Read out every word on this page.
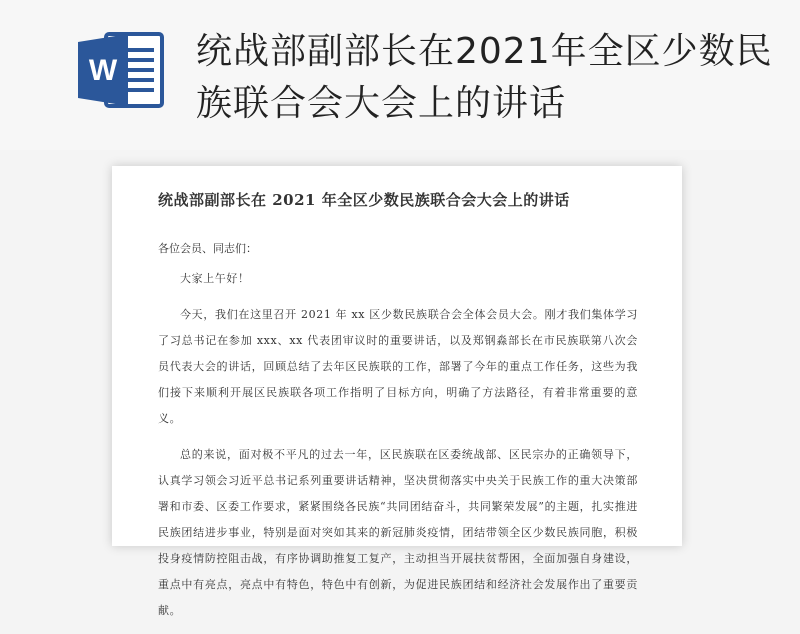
W 统战部副部长在2021年全区少数民族联合会大会上的讲话
统战部副部长在 2021 年全区少数民族联合会大会上的讲话
各位会员、同志们：

大家上午好！

今天，我们在这里召开 2021 年 xx 区少数民族联合会全体会员大会。刚才我们集体学习了习总书记在参加 xxx、xx 代表团审议时的重要讲话，以及郑钢淼部长在市民族联第八次会员代表大会的讲话，回顾总结了去年区民族联的工作，部署了今年的重点工作任务，这些为我们接下来顺利开展区民族联各项工作指明了目标方向，明确了方法路径，有着非常重要的意义。

总的来说，面对极不平凡的过去一年，区民族联在区委统战部、区民宗办的正确领导下，认真学习领会习近平总书记系列重要讲话精神，坚决贯彻落实中央关于民族工作的重大决策部署和市委、区委工作要求，紧紧围绕各民族“共同团结奋斗，共同繁荣发展”的主题，扎实推进民族团结进步事业，特别是面对突如其来的新冠肺炎疫情，团结带领全区少数民族同胞，积极投身疫情防控阻击战，有序协调助推复工复产，主动担当开展扶贫帮困，全面加强自身建设，重点中有亮点，亮点中有特色，特色中有创新，为促进民族团结和经济社会发展作出了重要贡献。
